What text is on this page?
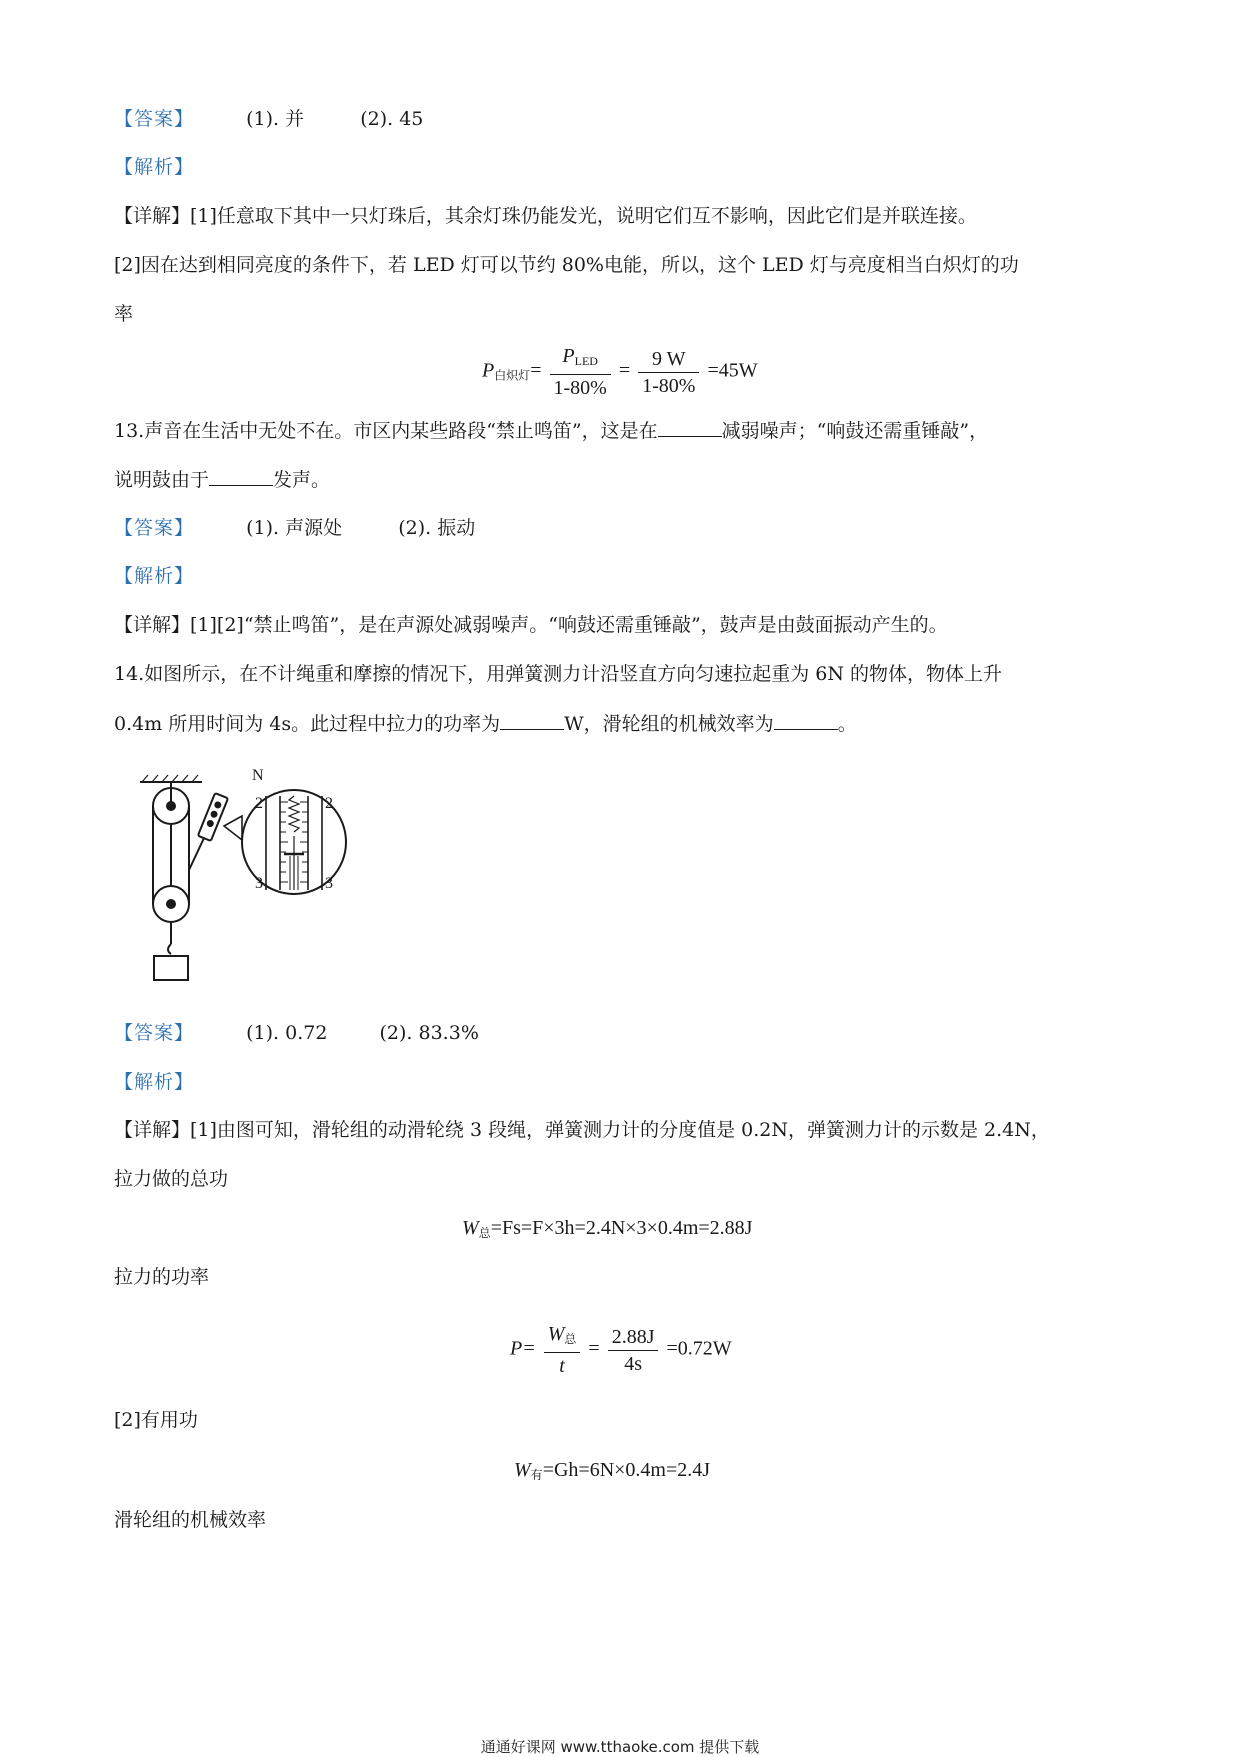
【答案】	(1). 并	(2). 45
【解析】
【详解】[1]任意取下其中一只灯珠后，其余灯珠仍能发光，说明它们互不影响，因此它们是并联连接。
[2]因在达到相同亮度的条件下，若 LED 灯可以节约 80%电能，所以，这个 LED 灯与亮度相当白炽灯的功
率
$P_{白炽灯}= \frac{P_{LED}}{1-80\%} = \frac{9 W}{1-80\%} =45W$
13.声音在生活中无处不在。市区内某些路段“禁止鸣笛”，这是在	减弱噪声；“响鼓还需重锤敲”，
说明鼓由于	发声。
【答案】	(1). 声源处	(2). 振动
【解析】
【详解】[1][2]“禁止鸣笛”，是在声源处减弱噪声。“响鼓还需重锤敲”，鼓声是由鼓面振动产生的。
14.如图所示，在不计绳重和摩擦的情况下，用弹簧测力计沿竖直方向匀速拉起重为 6N 的物体，物体上升
0.4m 所用时间为 4s。此过程中拉力的功率为	W，滑轮组的机械效率为	。
N
2	2
3	3
【答案】	(1). 0.72	(2). 83.3%
【解析】
【详解】[1]由图可知，滑轮组的动滑轮绕 3 段绳，弹簧测力计的分度值是 0.2N，弹簧测力计的示数是 2.4N，
拉力做的总功
$W_总=Fs=F\times 3h=2.4N\times 3\times 0.4m=2.88J$
拉力的功率
$P= \frac{W_总}{t} = \frac{2.88J}{4s} =0.72W$
[2]有用功
$W_有=Gh=6N\times 0.4m=2.4J$
滑轮组的机械效率
通通好课网 www.tthaoke.com 提供下载
